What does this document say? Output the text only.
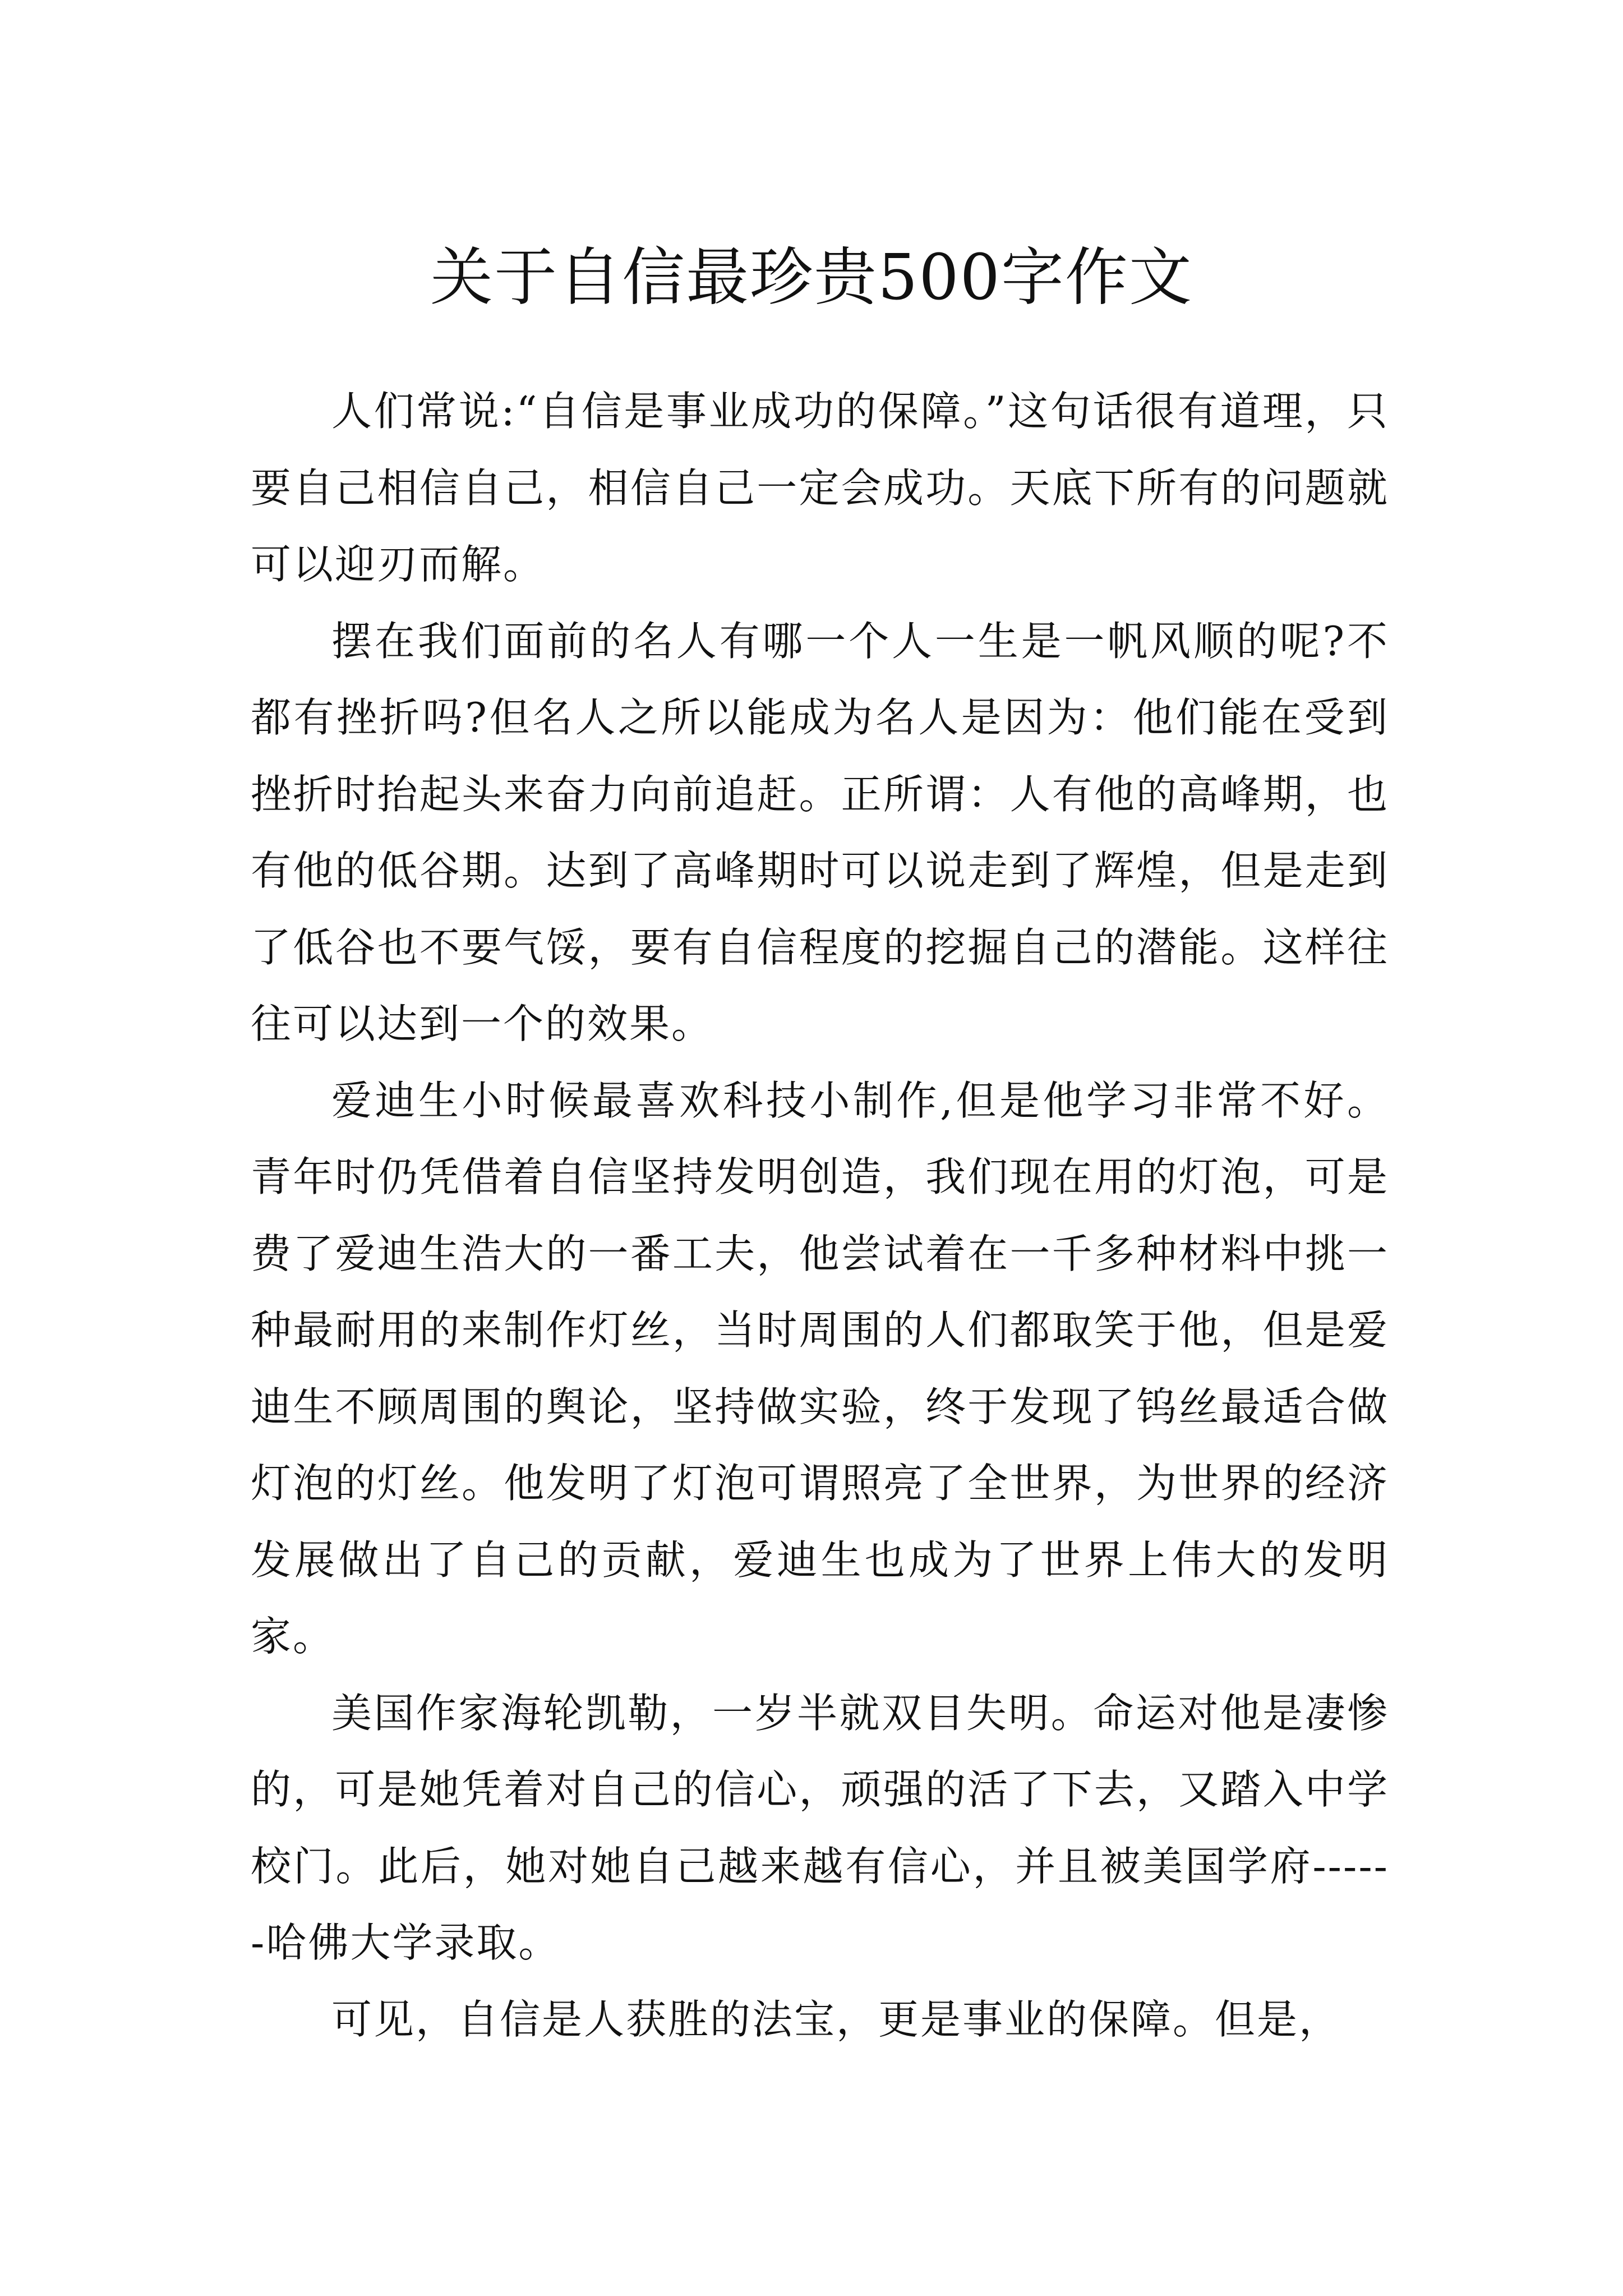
关于自信最珍贵500字作文

人们常说:“自信是事业成功的保障。”这句话很有道理，只要自己相信自己，相信自己一定会成功。天底下所有的问题就可以迎刃而解。

摆在我们面前的名人有哪一个人一生是一帆风顺的呢?不都有挫折吗?但名人之所以能成为名人是因为：他们能在受到挫折时抬起头来奋力向前追赶。正所谓：人有他的高峰期，也有他的低谷期。达到了高峰期时可以说走到了辉煌，但是走到了低谷也不要气馁，要有自信程度的挖掘自己的潜能。这样往往可以达到一个的效果。

爱迪生小时候最喜欢科技小制作,但是他学习非常不好。青年时仍凭借着自信坚持发明创造，我们现在用的灯泡，可是费了爱迪生浩大的一番工夫，他尝试着在一千多种材料中挑一种最耐用的来制作灯丝，当时周围的人们都取笑于他，但是爱迪生不顾周围的舆论，坚持做实验，终于发现了钨丝最适合做灯泡的灯丝。他发明了灯泡可谓照亮了全世界，为世界的经济发展做出了自己的贡献，爱迪生也成为了世界上伟大的发明家。

美国作家海轮凯勒，一岁半就双目失明。命运对他是凄惨的，可是她凭着对自己的信心，顽强的活了下去，又踏入中学校门。此后，她对她自己越来越有信心，并且被美国学府------哈佛大学录取。

可见，自信是人获胜的法宝，更是事业的保障。但是，
